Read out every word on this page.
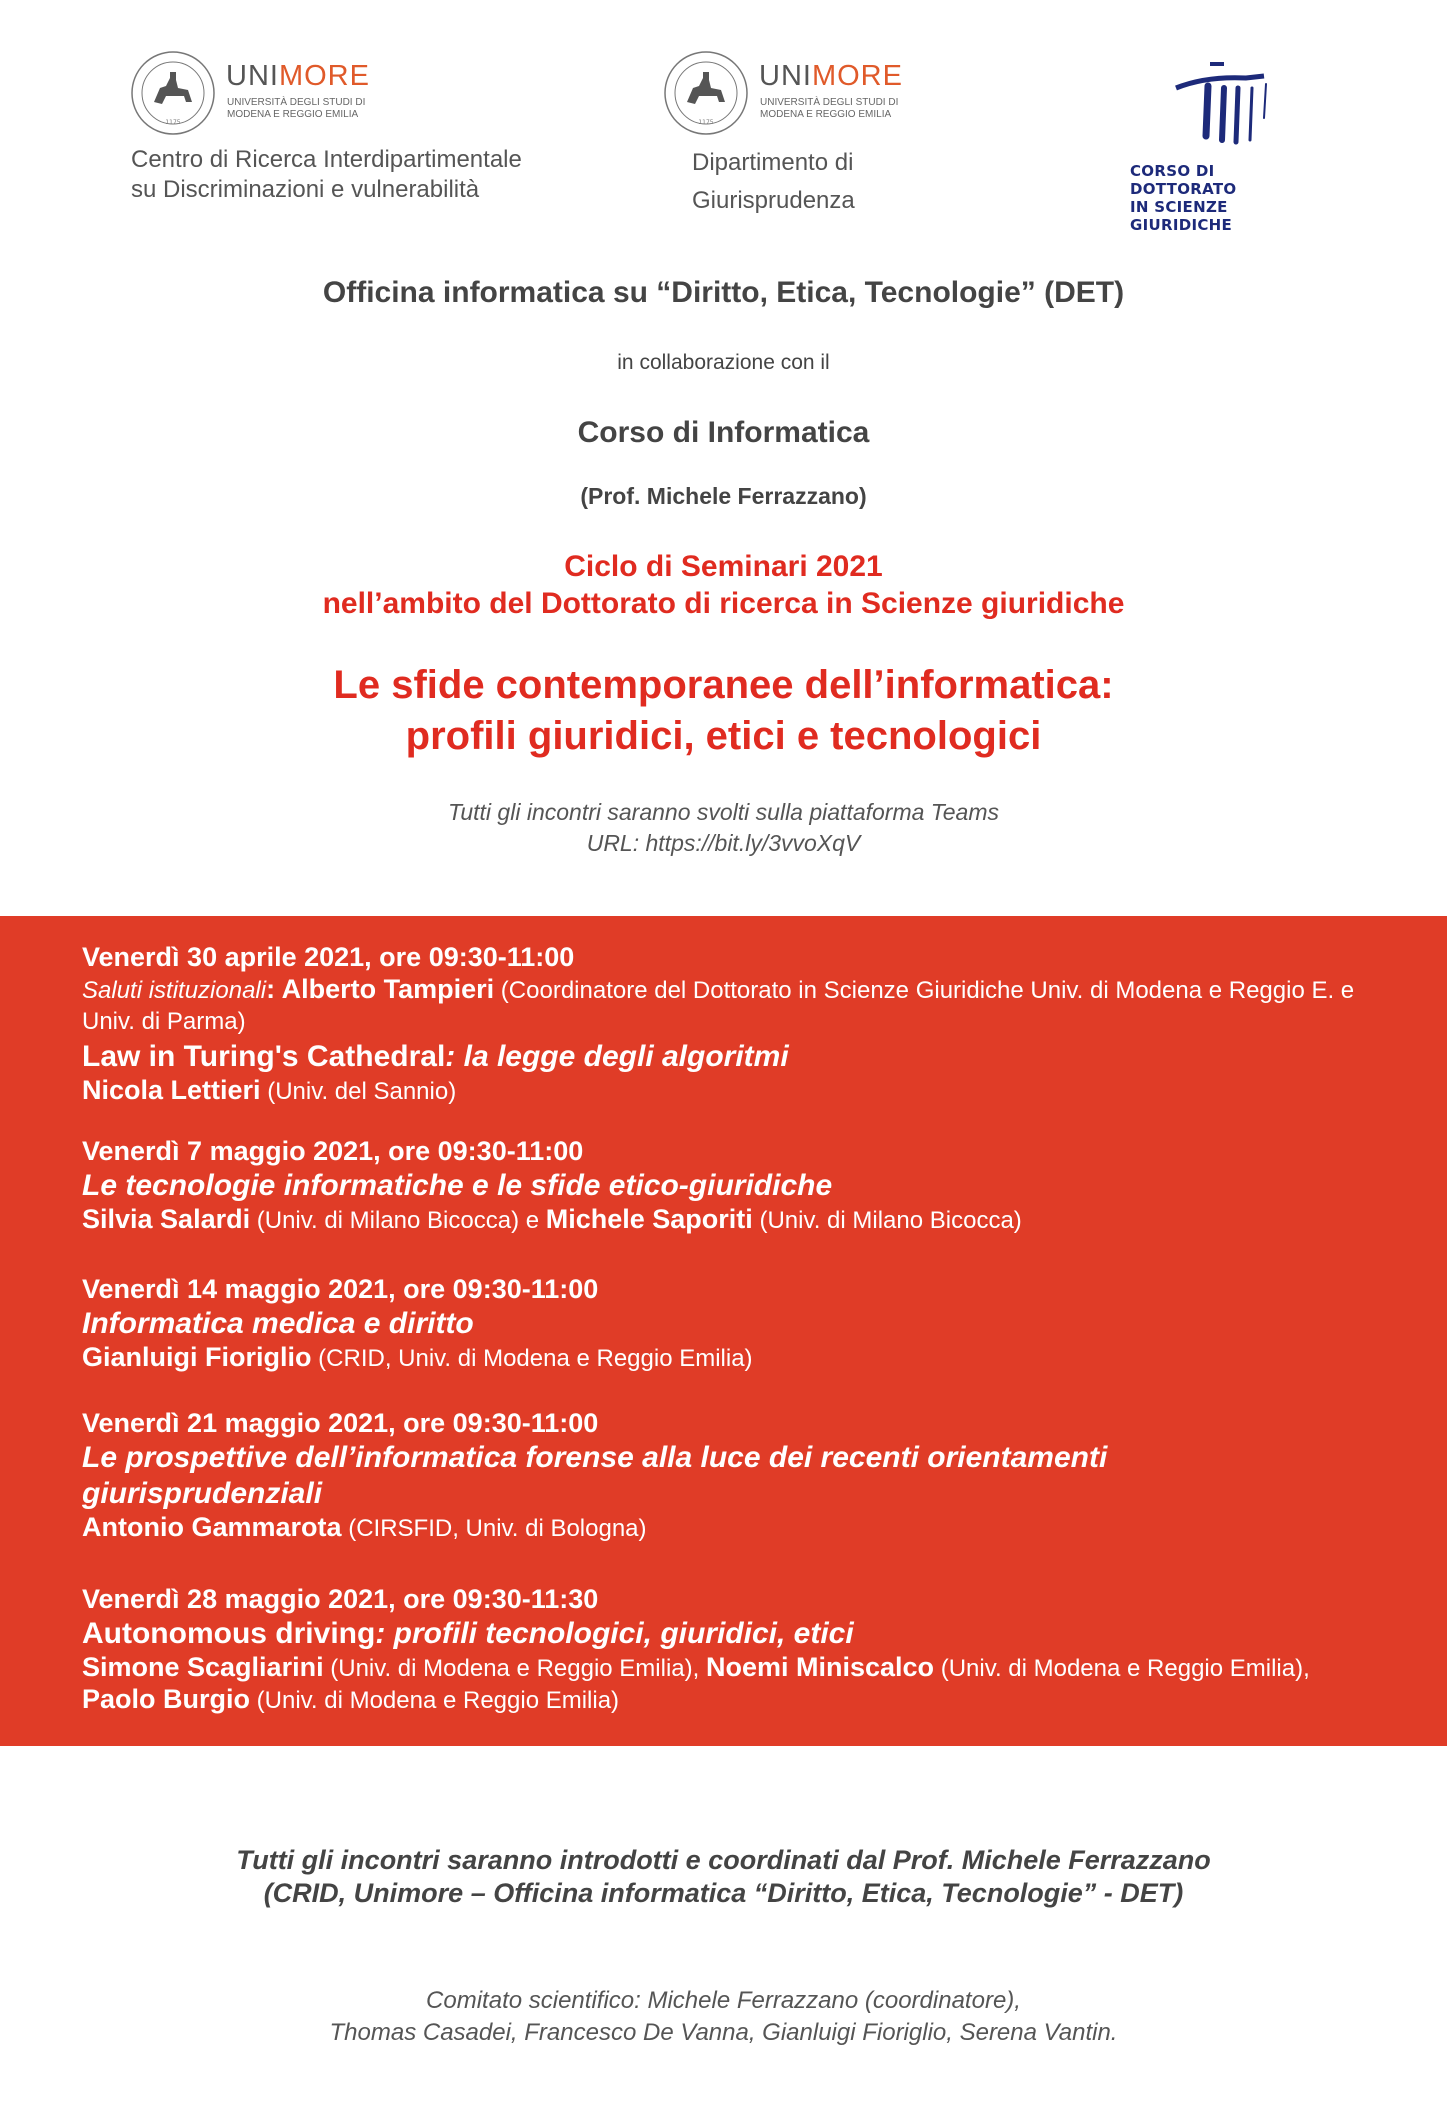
1175
UNIMORE
UNIVERSITÀ DEGLI STUDI DI MODENA E REGGIO EMILIA
Centro di Ricerca Interdipartimentale
su Discriminazioni e vulnerabilità
1175
UNIMORE
UNIVERSITÀ DEGLI STUDI DI MODENA E REGGIO EMILIA
Dipartimento di
Giurisprudenza
CORSO DI DOTTORATO
IN SCIENZE GIURIDICHE
Officina informatica su “Diritto, Etica, Tecnologie” (DET)
in collaborazione con il
Corso di Informatica
(Prof. Michele Ferrazzano)
Ciclo di Seminari 2021
nell’ambito del Dottorato di ricerca in Scienze giuridiche
Le sfide contemporanee dell’informatica:
profili giuridici, etici e tecnologici
Tutti gli incontri saranno svolti sulla piattaforma Teams
URL: https://bit.ly/3vvoXqV
Venerdì 30 aprile 2021, ore 09:30-11:00
Saluti istituzionali: Alberto Tampieri (Coordinatore del Dottorato in Scienze Giuridiche Univ. di Modena e Reggio E. e Univ. di Parma)
Law in Turing's Cathedral: la legge degli algoritmi
Nicola Lettieri (Univ. del Sannio)
Venerdì 7 maggio 2021, ore 09:30-11:00
Le tecnologie informatiche e le sfide etico-giuridiche
Silvia Salardi (Univ. di Milano Bicocca) e Michele Saporiti (Univ. di Milano Bicocca)
Venerdì 14 maggio 2021, ore 09:30-11:00
Informatica medica e diritto
Gianluigi Fioriglio (CRID, Univ. di Modena e Reggio Emilia)
Venerdì 21 maggio 2021, ore 09:30-11:00
Le prospettive dell’informatica forense alla luce dei recenti orientamenti
giurisprudenziali
Antonio Gammarota (CIRSFID, Univ. di Bologna)
Venerdì 28 maggio 2021, ore 09:30-11:30
Autonomous driving: profili tecnologici, giuridici, etici
Simone Scagliarini (Univ. di Modena e Reggio Emilia), Noemi Miniscalco (Univ. di Modena e Reggio Emilia), Paolo Burgio (Univ. di Modena e Reggio Emilia)
Tutti gli incontri saranno introdotti e coordinati dal Prof. Michele Ferrazzano
(CRID, Unimore – Officina informatica “Diritto, Etica, Tecnologie” - DET)
Comitato scientifico: Michele Ferrazzano (coordinatore),
Thomas Casadei, Francesco De Vanna, Gianluigi Fioriglio, Serena Vantin.
